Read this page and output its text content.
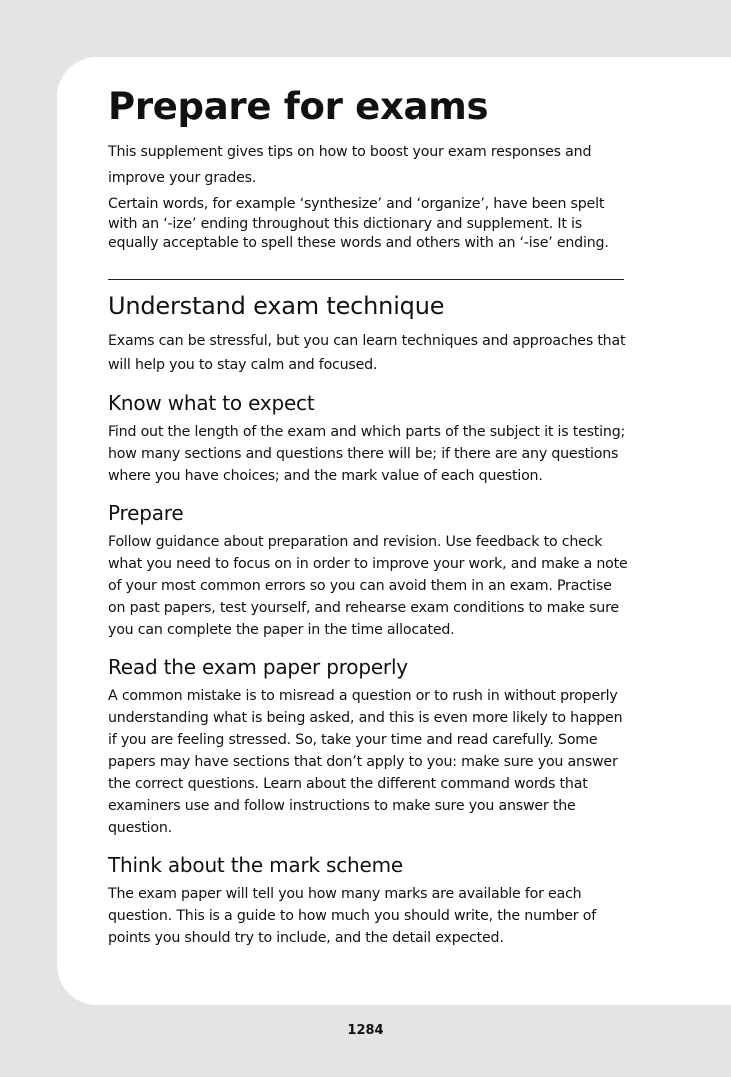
Prepare for exams

This supplement gives tips on how to boost your exam responses and improve your grades.

Certain words, for example ‘synthesize’ and ‘organize’, have been spelt with an ‘-ize’ ending throughout this dictionary and supplement. It is equally acceptable to spell these words and others with an ‘-ise’ ending.

Understand exam technique

Exams can be stressful, but you can learn techniques and approaches that will help you to stay calm and focused.

Know what to expect

Find out the length of the exam and which parts of the subject it is testing; how many sections and questions there will be; if there are any questions where you have choices; and the mark value of each question.

Prepare

Follow guidance about preparation and revision. Use feedback to check what you need to focus on in order to improve your work, and make a note of your most common errors so you can avoid them in an exam. Practise on past papers, test yourself, and rehearse exam conditions to make sure you can complete the paper in the time allocated.

Read the exam paper properly

A common mistake is to misread a question or to rush in without properly understanding what is being asked, and this is even more likely to happen if you are feeling stressed. So, take your time and read carefully. Some papers may have sections that don’t apply to you: make sure you answer the correct questions. Learn about the different command words that examiners use and follow instructions to make sure you answer the question.

Think about the mark scheme

The exam paper will tell you how many marks are available for each question. This is a guide to how much you should write, the number of points you should try to include, and the detail expected.

1284
